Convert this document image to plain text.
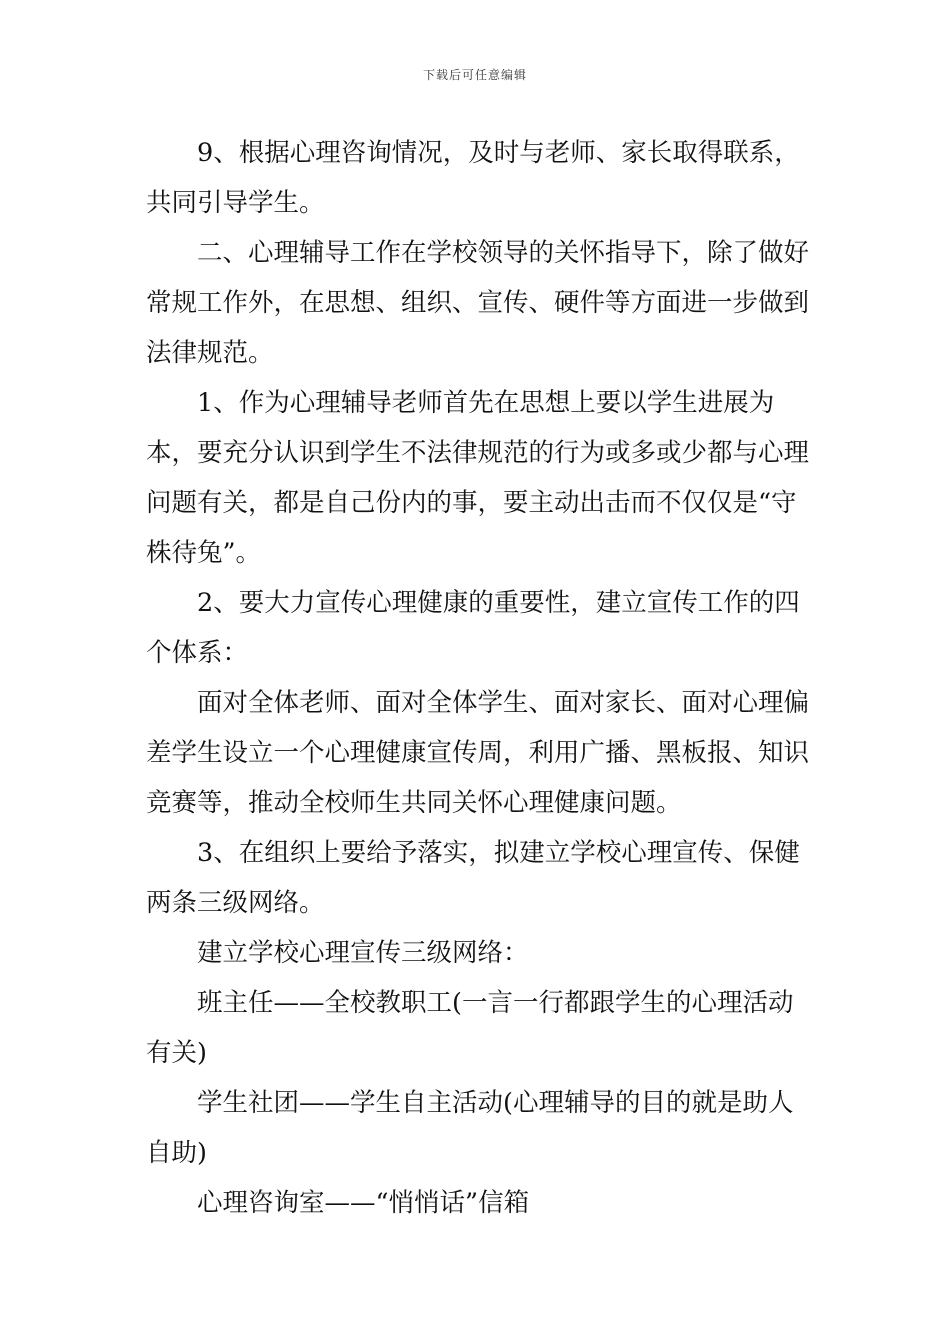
下载后可任意编辑

9、根据心理咨询情况，及时与老师、家长取得联系，共同引导学生。

二、心理辅导工作在学校领导的关怀指导下，除了做好常规工作外，在思想、组织、宣传、硬件等方面进一步做到法律规范。

1、作为心理辅导老师首先在思想上要以学生进展为本，要充分认识到学生不法律规范的行为或多或少都与心理问题有关，都是自己份内的事，要主动出击而不仅仅是“守株待兔”。

2、要大力宣传心理健康的重要性，建立宣传工作的四个体系：

面对全体老师、面对全体学生、面对家长、面对心理偏差学生设立一个心理健康宣传周，利用广播、黑板报、知识竞赛等，推动全校师生共同关怀心理健康问题。

3、在组织上要给予落实，拟建立学校心理宣传、保健两条三级网络。

建立学校心理宣传三级网络：

班主任——全校教职工(一言一行都跟学生的心理活动有关)

学生社团——学生自主活动(心理辅导的目的就是助人自助)

心理咨询室——“悄悄话”信箱
